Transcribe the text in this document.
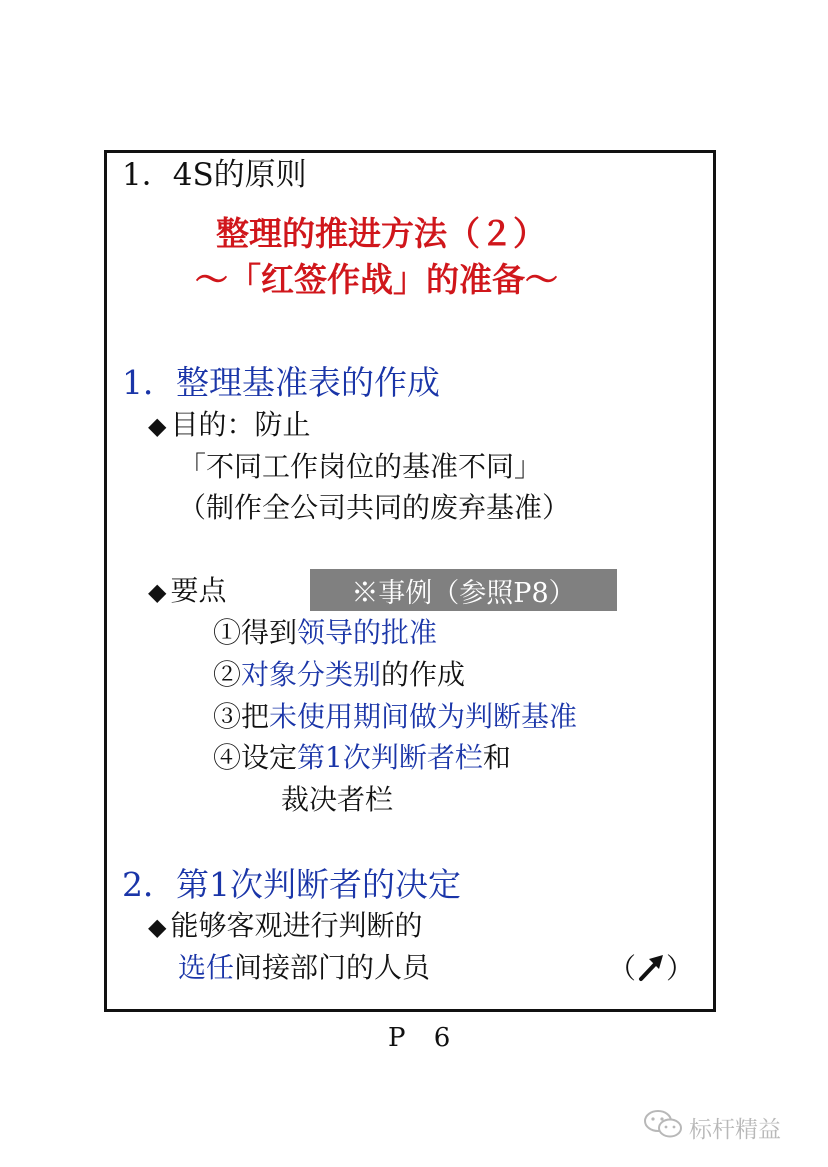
1．4S的原则
整理的推进方法（２）
～「红签作战」的准备～
1．整理基准表的作成
◆ 目的：防止
「不同工作岗位的基准不同」
（制作全公司共同的废弃基准）
◆ 要点	※事例（参照P8）
①得到领导的批准
②对象分类别的作成
③把未使用期间做为判断基准
④设定第1次判断者栏和
裁决者栏
2．第1次判断者的决定
◆ 能够客观进行判断的
选任间接部门的人员	（ ）
P 6
标杆精益
